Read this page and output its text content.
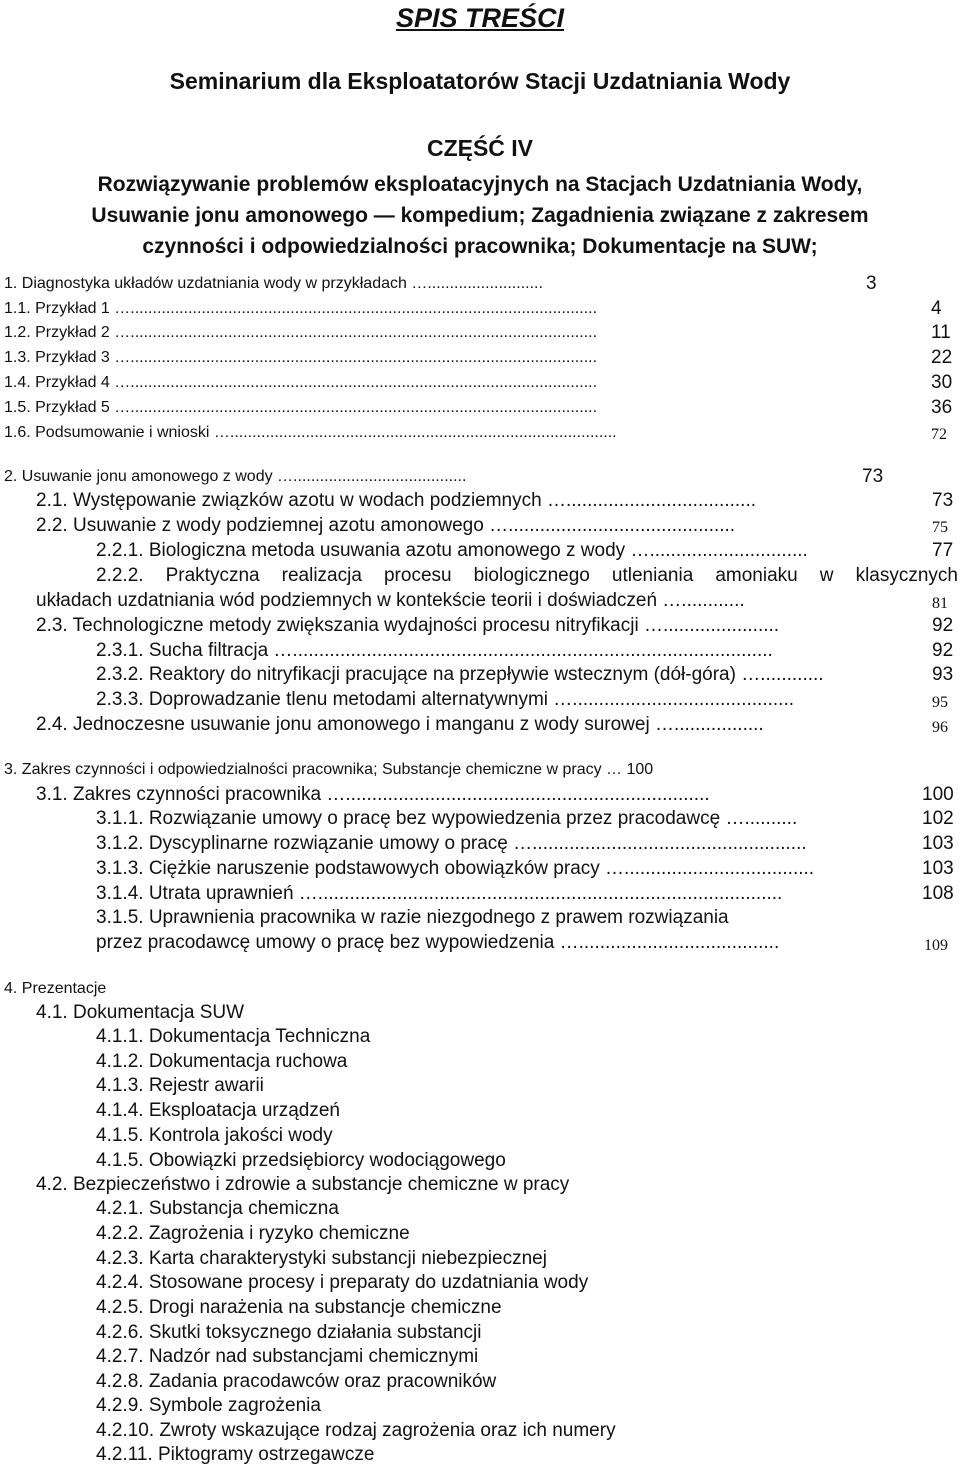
SPIS TREŚCI
Seminarium dla Eksploatatorów Stacji Uzdatniania Wody
CZĘŚĆ IV
Rozwiązywanie problemów eksploatacyjnych na Stacjach Uzdatniania Wody,
Usuwanie jonu amonowego — kompedium; Zagadnienia związane z zakresem
czynności i odpowiedzialności pracownika; Dokumentacje na SUW;
1. Diagnostyka układów uzdatniania wody w przykładach …..........................	3
1.1. Przykład 1 ….........................................................................................................	4
1.2. Przykład 2 ….........................................................................................................	11
1.3. Przykład 3 ….........................................................................................................	22
1.4. Przykład 4 ….........................................................................................................	30
1.5. Przykład 5 ….........................................................................................................	36
1.6. Podsumowanie i wnioski ….......................................................................................	72
2. Usuwanie jonu amonowego z wody ….......................................	73
2.1. Występowanie związków azotu w wodach podziemnych …....................................	73
2.2. Usuwanie z wody podziemnej azotu amonowego …...........................................	75
2.2.1. Biologiczna metoda usuwania azotu amonowego z wody …..............................	77
2.2.2. Praktyczna realizacja procesu biologicznego utleniania amoniaku w klasycznych
układach uzdatniania wód podziemnych w kontekście teorii i doświadczeń …............	81
2.3. Technologiczne metody zwiększania wydajności procesu nitryfikacji …......................	92
2.3.1. Sucha filtracja …...........................................................................................	92
2.3.2. Reaktory do nitryfikacji pracujące na przepływie wstecznym (dół-góra) …............	93
2.3.3. Doprowadzanie tlenu metodami alternatywnymi …..........................................	95
2.4. Jednoczesne usuwanie jonu amonowego i manganu z wody surowej ….................	96
3. Zakres czynności i odpowiedzialności pracownika; Substancje chemiczne w pracy … 100
3.1. Zakres czynności pracownika ….....................................................................	100
3.1.1. Rozwiązanie umowy o pracę bez wypowiedzenia przez pracodawcę …..........	102
3.1.2. Dyscyplinarne rozwiązanie umowy o pracę …....................................................	103
3.1.3. Ciężkie naruszenie podstawowych obowiązków pracy …....................................	103
3.1.4. Utrata uprawnień …........................................................................................	108
3.1.5. Uprawnienia pracownika w razie niezgodnego z prawem rozwiązania
przez pracodawcę umowy o pracę bez wypowiedzenia …......................................	109
4. Prezentacje
4.1. Dokumentacja SUW
4.1.1. Dokumentacja Techniczna
4.1.2. Dokumentacja ruchowa
4.1.3. Rejestr awarii
4.1.4. Eksploatacja urządzeń
4.1.5. Kontrola jakości wody
4.1.5. Obowiązki przedsiębiorcy wodociągowego
4.2. Bezpieczeństwo i zdrowie a substancje chemiczne w pracy
4.2.1. Substancja chemiczna
4.2.2. Zagrożenia i ryzyko chemiczne
4.2.3. Karta charakterystyki substancji niebezpiecznej
4.2.4. Stosowane procesy i preparaty do uzdatniania wody
4.2.5. Drogi narażenia na substancje chemiczne
4.2.6. Skutki toksycznego działania substancji
4.2.7. Nadzór nad substancjami chemicznymi
4.2.8. Zadania pracodawców oraz pracowników
4.2.9. Symbole zagrożenia
4.2.10. Zwroty wskazujące rodzaj zagrożenia oraz ich numery
4.2.11. Piktogramy ostrzegawcze
